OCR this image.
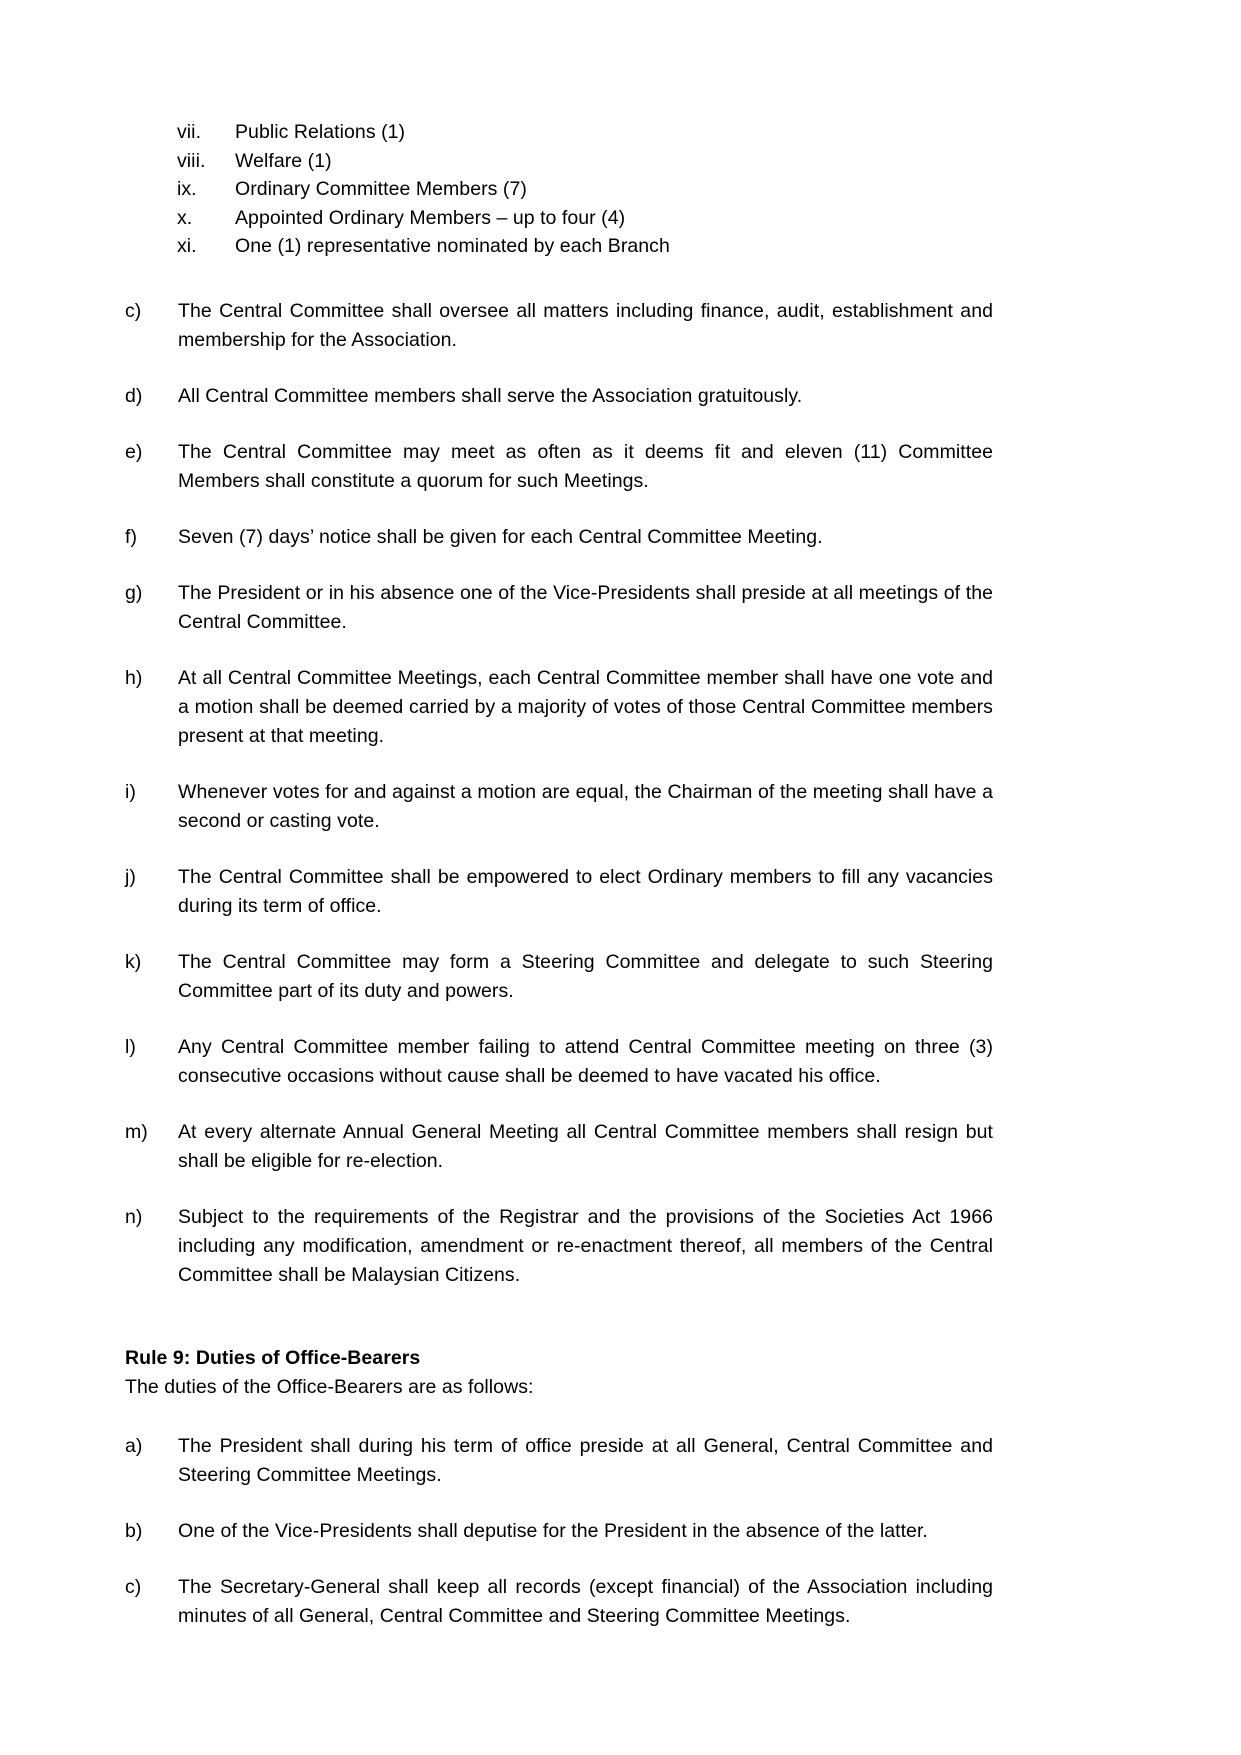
vii.	Public Relations (1)
viii.	Welfare (1)
ix.	Ordinary Committee Members (7)
x.	Appointed Ordinary Members – up to four (4)
xi.	One (1) representative nominated by each Branch
c)	The Central Committee shall oversee all matters including finance, audit, establishment and membership for the Association.
d)	All Central Committee members shall serve the Association gratuitously.
e)	The Central Committee may meet as often as it deems fit and eleven (11) Committee Members shall constitute a quorum for such Meetings.
f)	Seven (7) days’ notice shall be given for each Central Committee Meeting.
g)	The President or in his absence one of the Vice-Presidents shall preside at all meetings of the Central Committee.
h)	At all Central Committee Meetings, each Central Committee member shall have one vote and a motion shall be deemed carried by a majority of votes of those Central Committee members present at that meeting.
i)	Whenever votes for and against a motion are equal, the Chairman of the meeting shall have a second or casting vote.
j)	The Central Committee shall be empowered to elect Ordinary members to fill any vacancies during its term of office.
k)	The Central Committee may form a Steering Committee and delegate to such Steering Committee part of its duty and powers.
l)	Any Central Committee member failing to attend Central Committee meeting on three (3) consecutive occasions without cause shall be deemed to have vacated his office.
m)	At every alternate Annual General Meeting all Central Committee members shall resign but shall be eligible for re-election.
n)	Subject to the requirements of the Registrar and the provisions of the Societies Act 1966 including any modification, amendment or re-enactment thereof, all members of the Central Committee shall be Malaysian Citizens.
Rule 9: Duties of Office-Bearers
The duties of the Office-Bearers are as follows:
a)	The President shall during his term of office preside at all General, Central Committee and Steering Committee Meetings.
b)	One of the Vice-Presidents shall deputise for the President in the absence of the latter.
c)	The Secretary-General shall keep all records (except financial) of the Association including minutes of all General, Central Committee and Steering Committee Meetings.
